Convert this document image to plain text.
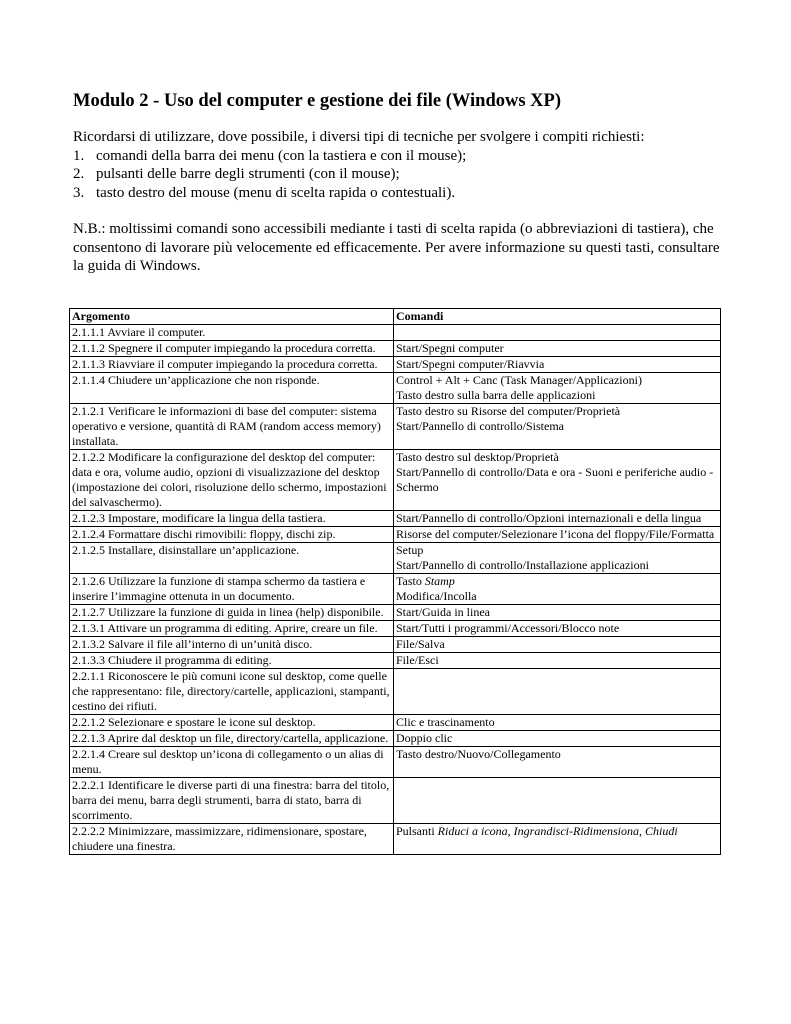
Modulo 2 - Uso del computer e gestione dei file (Windows XP)

Ricordarsi di utilizzare, dove possibile, i diversi tipi di tecniche per svolgere i compiti richiesti:

1. comandi della barra dei menu (con la tastiera e con il mouse);
2. pulsanti delle barre degli strumenti (con il mouse);
3. tasto destro del mouse (menu di scelta rapida o contestuali).

N.B.: moltissimi comandi sono accessibili mediante i tasti di scelta rapida (o abbreviazioni di tastiera), che consentono di lavorare più velocemente ed efficacemente. Per avere informazione su questi tasti, consultare la guida di Windows.

Argomento	Comandi
2.1.1.1 Avviare il computer.	
2.1.1.2 Spegnere il computer impiegando la procedura corretta.	Start/Spegni computer

2.1.1.3 Riavviare il computer impiegando la procedura corretta.	Start/Spegni computer/Riavvia

2.1.1.4 Chiudere un’applicazione che non risponde.	Control + Alt + Canc (Task Manager/Applicazioni)
Tasto destro sulla barra delle applicazioni

2.1.2.1 Verificare le informazioni di base del computer: sistema operativo e versione, quantità di RAM (random access memory) installata.	Tasto destro su Risorse del computer/Proprietà
Start/Pannello di controllo/Sistema

2.1.2.2 Modificare la configurazione del desktop del computer: data e ora, volume audio, opzioni di visualizzazione del desktop (impostazione dei colori, risoluzione dello schermo, impostazioni del salvaschermo).	Tasto destro sul desktop/Proprietà
Start/Pannello di controllo/Data e ora - Suoni e periferiche audio - Schermo

2.1.2.3 Impostare, modificare la lingua della tastiera.	Start/Pannello di controllo/Opzioni internazionali e della lingua

2.1.2.4 Formattare dischi rimovibili: floppy, dischi zip.	Risorse del computer/Selezionare l’icona del floppy/File/Formatta

2.1.2.5 Installare, disinstallare un’applicazione.	Setup
Start/Pannello di controllo/Installazione applicazioni

2.1.2.6 Utilizzare la funzione di stampa schermo da tastiera e inserire l’immagine ottenuta in un documento.	Tasto Stamp
Modifica/Incolla

2.1.2.7 Utilizzare la funzione di guida in linea (help) disponibile.	Start/Guida in linea

2.1.3.1 Attivare un programma di editing. Aprire, creare un file.	Start/Tutti i programmi/Accessori/Blocco note

2.1.3.2 Salvare il file all’interno di un’unità disco.	File/Salva

2.1.3.3 Chiudere il programma di editing.	File/Esci

2.2.1.1 Riconoscere le più comuni icone sul desktop, come quelle che rappresentano: file, directory/cartelle, applicazioni, stampanti, cestino dei rifiuti.	
2.2.1.2 Selezionare e spostare le icone sul desktop.	Clic e trascinamento

2.2.1.3 Aprire dal desktop un file, directory/cartella, applicazione.	Doppio clic

2.2.1.4 Creare sul desktop un’icona di collegamento o un alias di menu.	Tasto destro/Nuovo/Collegamento

2.2.2.1 Identificare le diverse parti di una finestra: barra del titolo, barra dei menu, barra degli strumenti, barra di stato, barra di scorrimento.	
2.2.2.2 Minimizzare, massimizzare, ridimensionare, spostare, chiudere una finestra.	Pulsanti Riduci a icona, Ingrandisci-Ridimensiona, Chiudi
